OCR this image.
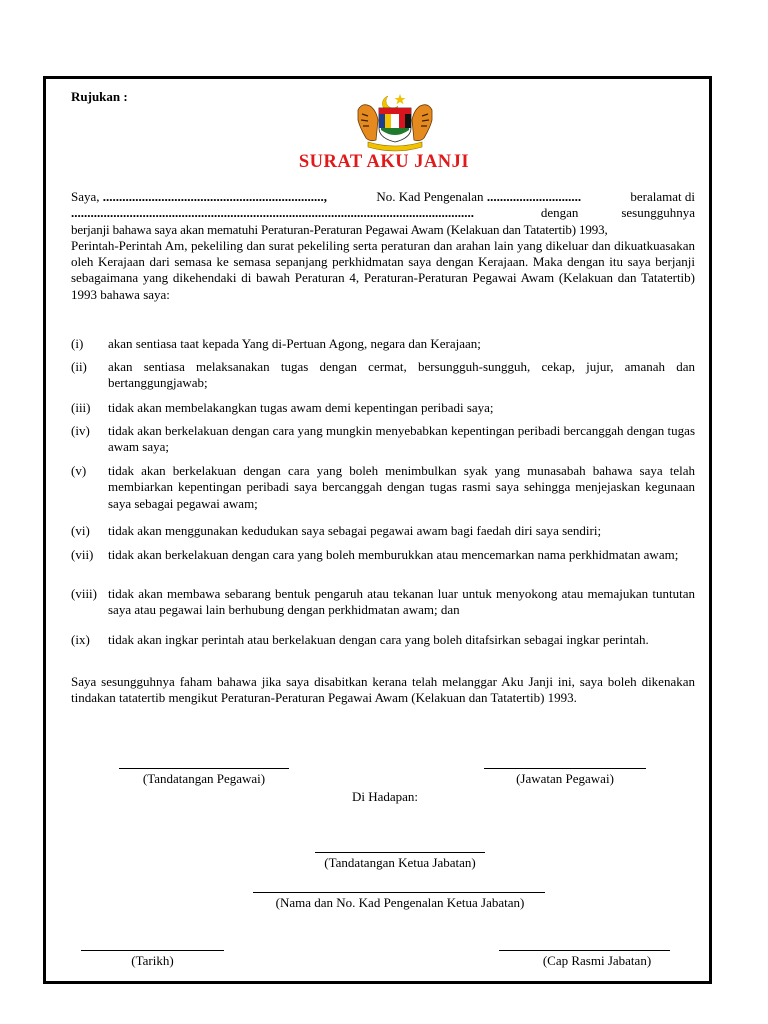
Rujukan :
SURAT AKU JANJI
Saya, ....................................................................,	No. Kad Pengenalan .............................	beralamat di
............................................................................................................................	dengan	sesungguhnya
berjanji bahawa saya akan mematuhi Peraturan-Peraturan Pegawai Awam (Kelakuan dan Tatatertib) 1993,
Perintah-Perintah Am, pekeliling dan surat pekeliling serta peraturan dan arahan lain yang dikeluar dan dikuatkuasakan oleh Kerajaan dari semasa ke semasa sepanjang perkhidmatan saya dengan Kerajaan. Maka dengan itu saya berjanji sebagaimana yang dikehendaki di bawah Peraturan 4, Peraturan-Peraturan Pegawai Awam (Kelakuan dan Tatatertib) 1993 bahawa saya:
(i) akan sentiasa taat kepada Yang di-Pertuan Agong, negara dan Kerajaan;
(ii) akan sentiasa melaksanakan tugas dengan cermat, bersungguh-sungguh, cekap, jujur, amanah dan bertanggungjawab;
(iii) tidak akan membelakangkan tugas awam demi kepentingan peribadi saya;
(iv) tidak akan berkelakuan dengan cara yang mungkin menyebabkan kepentingan peribadi bercanggah dengan tugas awam saya;
(v) tidak akan berkelakuan dengan cara yang boleh menimbulkan syak yang munasabah bahawa saya telah membiarkan kepentingan peribadi saya bercanggah dengan tugas rasmi saya sehingga menjejaskan kegunaan saya sebagai pegawai awam;
(vi) tidak akan menggunakan kedudukan saya sebagai pegawai awam bagi faedah diri saya sendiri;
(vii) tidak akan berkelakuan dengan cara yang boleh memburukkan atau mencemarkan nama perkhidmatan awam;
(viii) tidak akan membawa sebarang bentuk pengaruh atau tekanan luar untuk menyokong atau memajukan tuntutan saya atau pegawai lain berhubung dengan perkhidmatan awam; dan
(ix) tidak akan ingkar perintah atau berkelakuan dengan cara yang boleh ditafsirkan sebagai ingkar perintah.
Saya sesungguhnya faham bahawa jika saya disabitkan kerana telah melanggar Aku Janji ini, saya boleh dikenakan tindakan tatatertib mengikut Peraturan-Peraturan Pegawai Awam (Kelakuan dan Tatatertib) 1993.
(Tandatangan Pegawai)	(Jawatan Pegawai)
Di Hadapan:
(Tandatangan Ketua Jabatan)
(Nama dan No. Kad Pengenalan Ketua Jabatan)
(Tarikh)	(Cap Rasmi Jabatan)
